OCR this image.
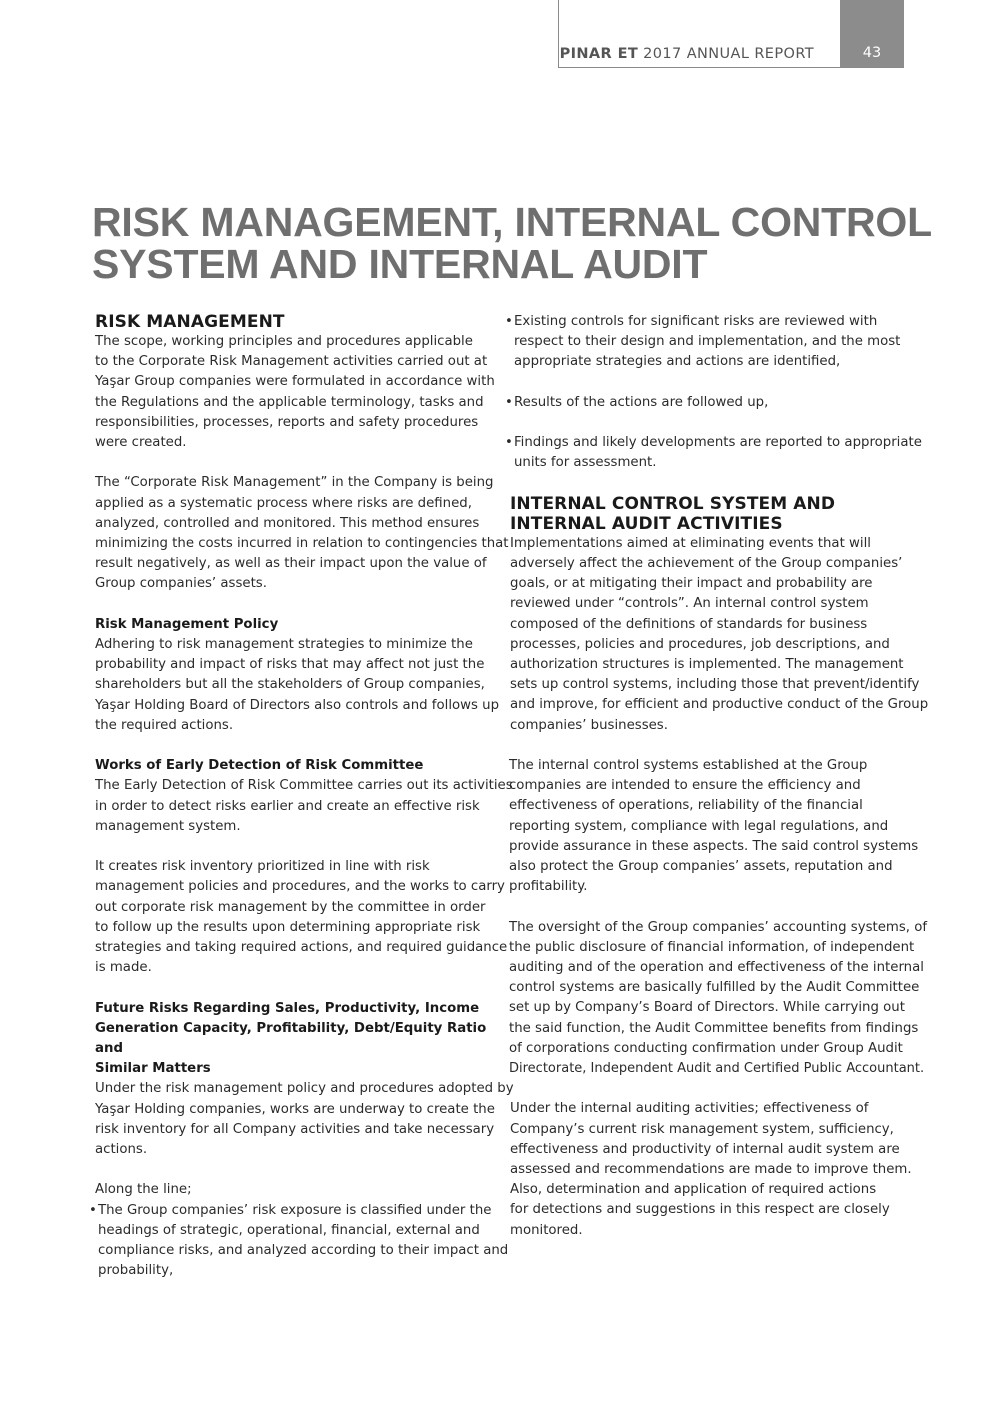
PINAR ET 2017 ANNUAL REPORT	43
RISK MANAGEMENT, INTERNAL CONTROL
SYSTEM AND INTERNAL AUDIT
RISK MANAGEMENT

The scope, working principles and procedures applicable

to the Corporate Risk Management activities carried out at

Yaşar Group companies were formulated in accordance with

the Regulations and the applicable terminology, tasks and

responsibilities, processes, reports and safety procedures

were created.

The “Corporate Risk Management” in the Company is being

applied as a systematic process where risks are defined,

analyzed, controlled and monitored. This method ensures

minimizing the costs incurred in relation to contingencies that

result negatively, as well as their impact upon the value of

Group companies’ assets.

Risk Management Policy

Adhering to risk management strategies to minimize the

probability and impact of risks that may affect not just the

shareholders but all the stakeholders of Group companies,

Yaşar Holding Board of Directors also controls and follows up

the required actions.

Works of Early Detection of Risk Committee

The Early Detection of Risk Committee carries out its activities

in order to detect risks earlier and create an effective risk

management system.

It creates risk inventory prioritized in line with risk

management policies and procedures, and the works to carry

out corporate risk management by the committee in order

to follow up the results upon determining appropriate risk

strategies and taking required actions, and required guidance

is made.

Future Risks Regarding Sales, Productivity, Income
Generation Capacity, Profitability, Debt/Equity Ratio and
Similar Matters

Under the risk management policy and procedures adopted by

Yaşar Holding companies, works are underway to create the

risk inventory for all Company activities and take necessary

actions.

Along the line;

• The Group companies’ risk exposure is classified under the

headings of strategic, operational, financial, external and

compliance risks, and analyzed according to their impact and

probability,

• Existing controls for significant risks are reviewed with

respect to their design and implementation, and the most

appropriate strategies and actions are identified,

• Results of the actions are followed up,

• Findings and likely developments are reported to appropriate

units for assessment.

INTERNAL CONTROL SYSTEM AND
INTERNAL AUDIT ACTIVITIES

Implementations aimed at eliminating events that will

adversely affect the achievement of the Group companies’

goals, or at mitigating their impact and probability are

reviewed under “controls”. An internal control system

composed of the definitions of standards for business

processes, policies and procedures, job descriptions, and

authorization structures is implemented. The management

sets up control systems, including those that prevent/identify

and improve, for efficient and productive conduct of the Group

companies’ businesses.

The internal control systems established at the Group

companies are intended to ensure the efficiency and

effectiveness of operations, reliability of the financial

reporting system, compliance with legal regulations, and

provide assurance in these aspects. The said control systems

also protect the Group companies’ assets, reputation and

profitability.

The oversight of the Group companies’ accounting systems, of

the public disclosure of financial information, of independent

auditing and of the operation and effectiveness of the internal

control systems are basically fulfilled by the Audit Committee

set up by Company’s Board of Directors. While carrying out

the said function, the Audit Committee benefits from findings

of corporations conducting confirmation under Group Audit

Directorate, Independent Audit and Certified Public Accountant.

Under the internal auditing activities; effectiveness of

Company’s current risk management system, sufficiency,

effectiveness and productivity of internal audit system are

assessed and recommendations are made to improve them.

Also, determination and application of required actions

for detections and suggestions in this respect are closely

monitored.
